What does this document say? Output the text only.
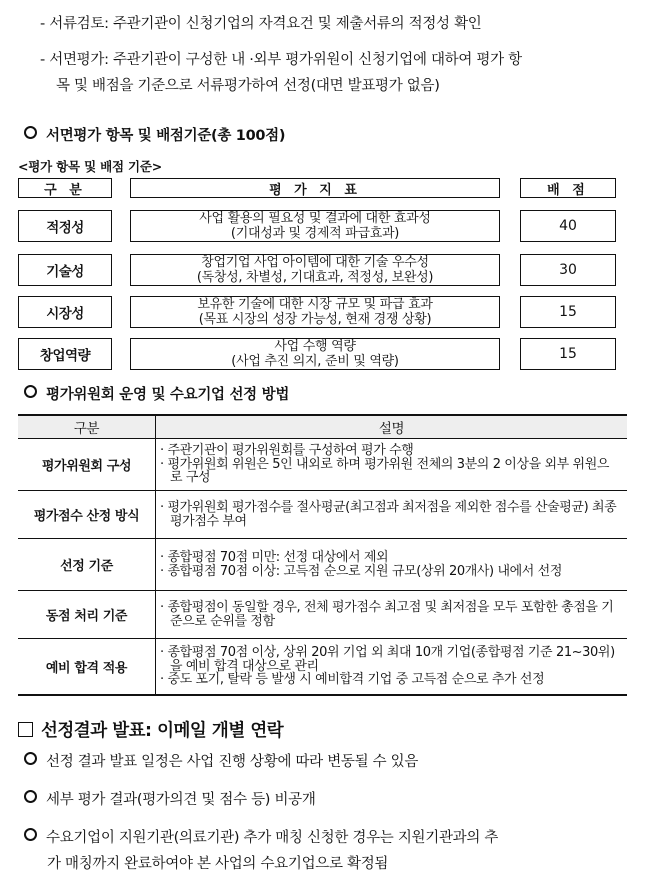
- 서류검토: 주관기관이 신청기업의 자격요건 및 제출서류의 적정성 확인
- 서면평가: 주관기관이 구성한 내 ·외부 평가위원이 신청기업에 대하여 평가 항
목 및 배점을 기준으로 서류평가하여 선정(대면 발표평가 없음)
서면평가 항목 및 배점기준(총 100점)
<평가 항목 및 배점 기준>
구 분	평 가 지 표	배 점
적정성
사업 활용의 필요성 및 결과에 대한 효과성
(기대성과 및 경제적 파급효과)	40
기술성
창업기업 사업 아이템에 대한 기술 우수성
(독창성, 차별성, 기대효과, 적정성, 보완성)	30
시장성
보유한 기술에 대한 시장 규모 및 파급 효과
(목표 시장의 성장 가능성, 현재 경쟁 상황)	15
창업역량
사업 수행 역량
(사업 추진 의지, 준비 및 역량)	15
평가위원회 운영 및 수요기업 선정 방법
구분	설명
평가위원회 구성	· 주관기관이 평가위원회를 구성하여 평가 수행
· 평가위원회 위원은 5인 내외로 하며 평가위원 전체의 3분의 2 이상을 외부 위원으로 구성

평가점수 산정 방식	· 평가위원회 평가점수를 절사평균(최고점과 최저점을 제외한 점수를 산술평균) 최종 평가점수 부여

선정 기준	· 종합평점 70점 미만: 선정 대상에서 제외
· 종합평점 70점 이상: 고득점 순으로 지원 규모(상위 20개사) 내에서 선정

동점 처리 기준	· 종합평점이 동일할 경우, 전체 평가점수 최고점 및 최저점을 모두 포함한 총점을 기준으로 순위를 정함

예비 합격 적용	· 종합평점 70점 이상, 상위 20위 기업 외 최대 10개 기업(종합평점 기준 21~30위)을 예비 합격 대상으로 관리
· 중도 포기, 탈락 등 발생 시 예비합격 기업 중 고득점 순으로 추가 선정
선정결과 발표: 이메일 개별 연락
선정 결과 발표 일정은 사업 진행 상황에 따라 변동될 수 있음
세부 평가 결과(평가의견 및 점수 등) 비공개
수요기업이 지원기관(의료기관) 추가 매칭 신청한 경우는 지원기관과의 추
가 매칭까지 완료하여야 본 사업의 수요기업으로 확정됨
